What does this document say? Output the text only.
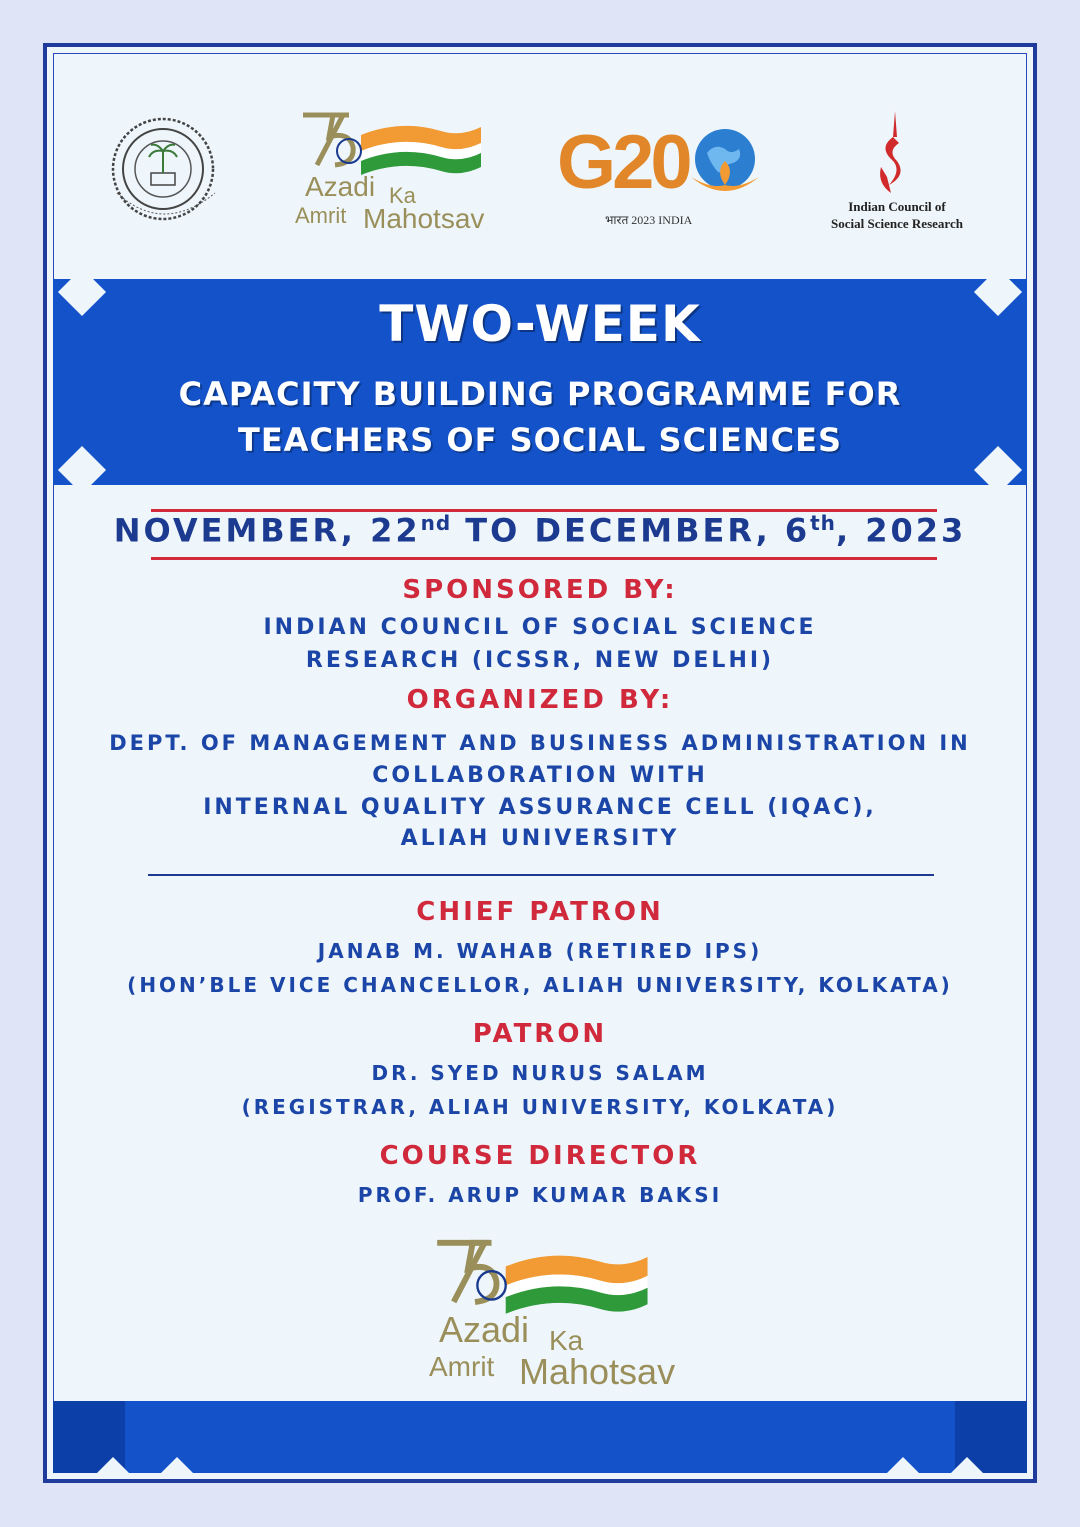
Azadi Ka
Amrit Mahotsav
G20
भारत 2023 INDIA
Indian Council of
Social Science Research
TWO-WEEK
CAPACITY BUILDING PROGRAMME FOR
TEACHERS OF SOCIAL SCIENCES
NOVEMBER, 22nd TO DECEMBER, 6th, 2023
SPONSORED BY:
INDIAN COUNCIL OF SOCIAL SCIENCE
RESEARCH (ICSSR, NEW DELHI)
ORGANIZED BY:
DEPT. OF MANAGEMENT AND BUSINESS ADMINISTRATION IN
COLLABORATION WITH
INTERNAL QUALITY ASSURANCE CELL (IQAC),
ALIAH UNIVERSITY
CHIEF PATRON
JANAB M. WAHAB (RETIRED IPS)
(HON’BLE VICE CHANCELLOR, ALIAH UNIVERSITY, KOLKATA)
PATRON
DR. SYED NURUS SALAM
(REGISTRAR, ALIAH UNIVERSITY, KOLKATA)
COURSE DIRECTOR
PROF. ARUP KUMAR BAKSI
Azadi Ka
Amrit Mahotsav
